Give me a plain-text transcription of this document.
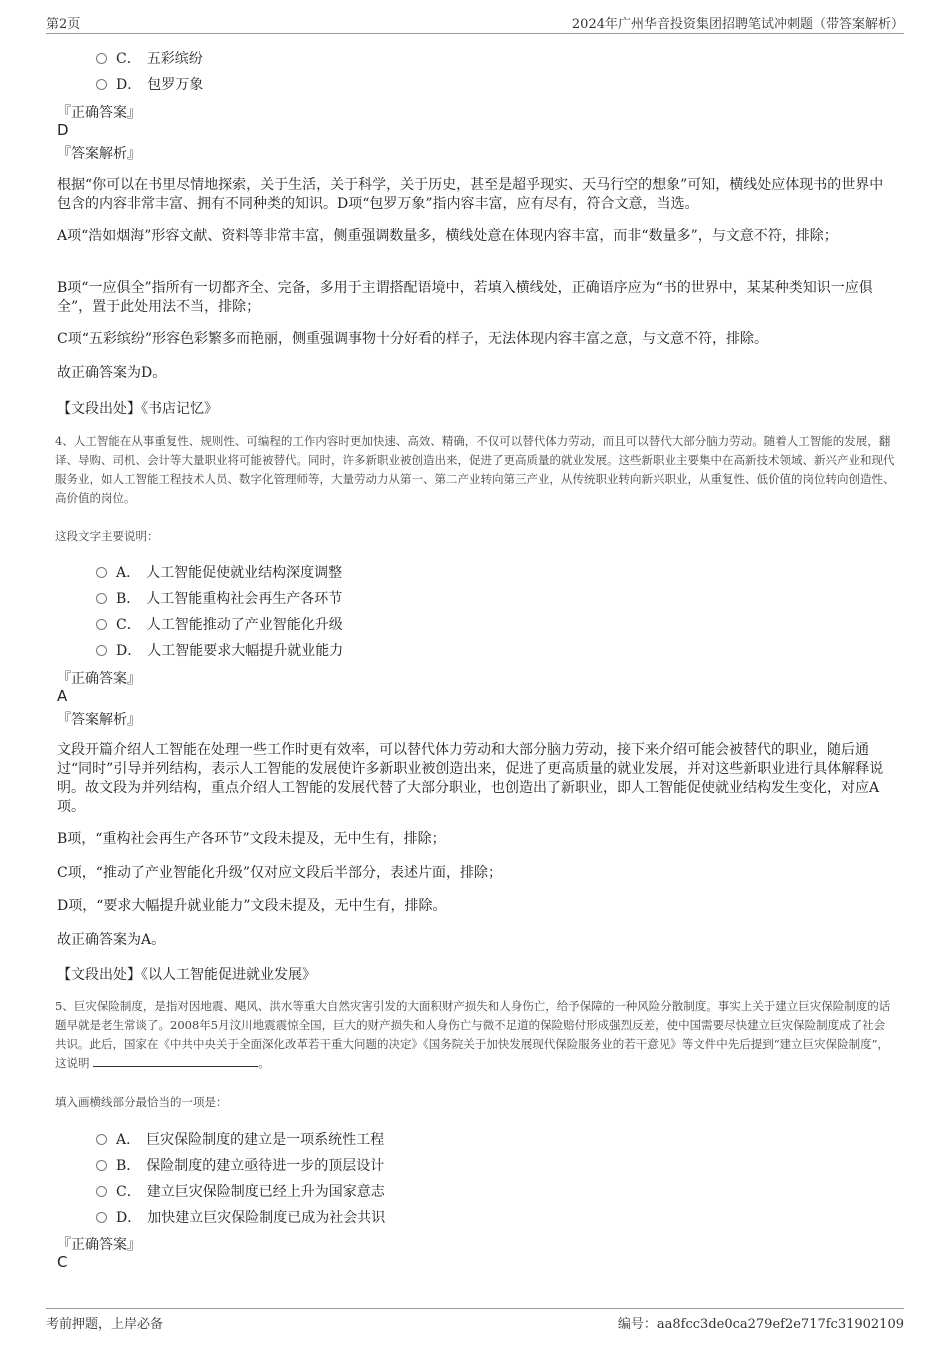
第2页	2024年广州华音投资集团招聘笔试冲刺题（带答案解析）
C． 五彩缤纷
D． 包罗万象
『正确答案』
D
『答案解析』
根据“你可以在书里尽情地探索，关于生活，关于科学，关于历史，甚至是超乎现实、天马行空的想象”可知，横线处应体现书的世界中包含的内容非常丰富、拥有不同种类的知识。D项“包罗万象”指内容丰富，应有尽有，符合文意，当选。
A项“浩如烟海”形容文献、资料等非常丰富，侧重强调数量多，横线处意在体现内容丰富，而非“数量多”，与文意不符，排除；
B项“一应俱全”指所有一切都齐全、完备，多用于主谓搭配语境中，若填入横线处，正确语序应为“书的世界中，某某种类知识一应俱全”，置于此处用法不当，排除；
C项“五彩缤纷”形容色彩繁多而艳丽，侧重强调事物十分好看的样子，无法体现内容丰富之意，与文意不符，排除。
故正确答案为D。
【文段出处】《书店记忆》
4、人工智能在从事重复性、规则性、可编程的工作内容时更加快速、高效、精确，不仅可以替代体力劳动，而且可以替代大部分脑力劳动。随着人工智能的发展，翻译、导购、司机、会计等大量职业将可能被替代。同时，许多新职业被创造出来，促进了更高质量的就业发展。这些新职业主要集中在高新技术领域、新兴产业和现代服务业，如人工智能工程技术人员、数字化管理师等，大量劳动力从第一、第二产业转向第三产业，从传统职业转向新兴职业，从重复性、低价值的岗位转向创造性、高价值的岗位。
这段文字主要说明：
A． 人工智能促使就业结构深度调整
B． 人工智能重构社会再生产各环节
C． 人工智能推动了产业智能化升级
D． 人工智能要求大幅提升就业能力
『正确答案』
A
『答案解析』
文段开篇介绍人工智能在处理一些工作时更有效率，可以替代体力劳动和大部分脑力劳动，接下来介绍可能会被替代的职业，随后通过“同时”引导并列结构，表示人工智能的发展使许多新职业被创造出来，促进了更高质量的就业发展，并对这些新职业进行具体解释说明。故文段为并列结构，重点介绍人工智能的发展代替了大部分职业，也创造出了新职业，即人工智能促使就业结构发生变化，对应A项。
B项，“重构社会再生产各环节”文段未提及，无中生有，排除；
C项，“推动了产业智能化升级”仅对应文段后半部分，表述片面，排除；
D项，“要求大幅提升就业能力”文段未提及，无中生有，排除。
故正确答案为A。
【文段出处】《以人工智能促进就业发展》
5、巨灾保险制度，是指对因地震、飓风、洪水等重大自然灾害引发的大面积财产损失和人身伤亡，给予保障的一种风险分散制度。事实上关于建立巨灾保险制度的话题早就是老生常谈了。2008年5月汶川地震震惊全国，巨大的财产损失和人身伤亡与微不足道的保险赔付形成强烈反差，使中国需要尽快建立巨灾保险制度成了社会共识。此后，国家在《中共中央关于全面深化改革若干重大问题的决定》《国务院关于加快发展现代保险服务业的若干意见》等文件中先后提到“建立巨灾保险制度”，这说明	。
填入画横线部分最恰当的一项是：
A． 巨灾保险制度的建立是一项系统性工程
B． 保险制度的建立亟待进一步的顶层设计
C． 建立巨灾保险制度已经上升为国家意志
D． 加快建立巨灾保险制度已成为社会共识
『正确答案』
C
考前押题，上岸必备	编号：aa8fcc3de0ca279ef2e717fc31902109
